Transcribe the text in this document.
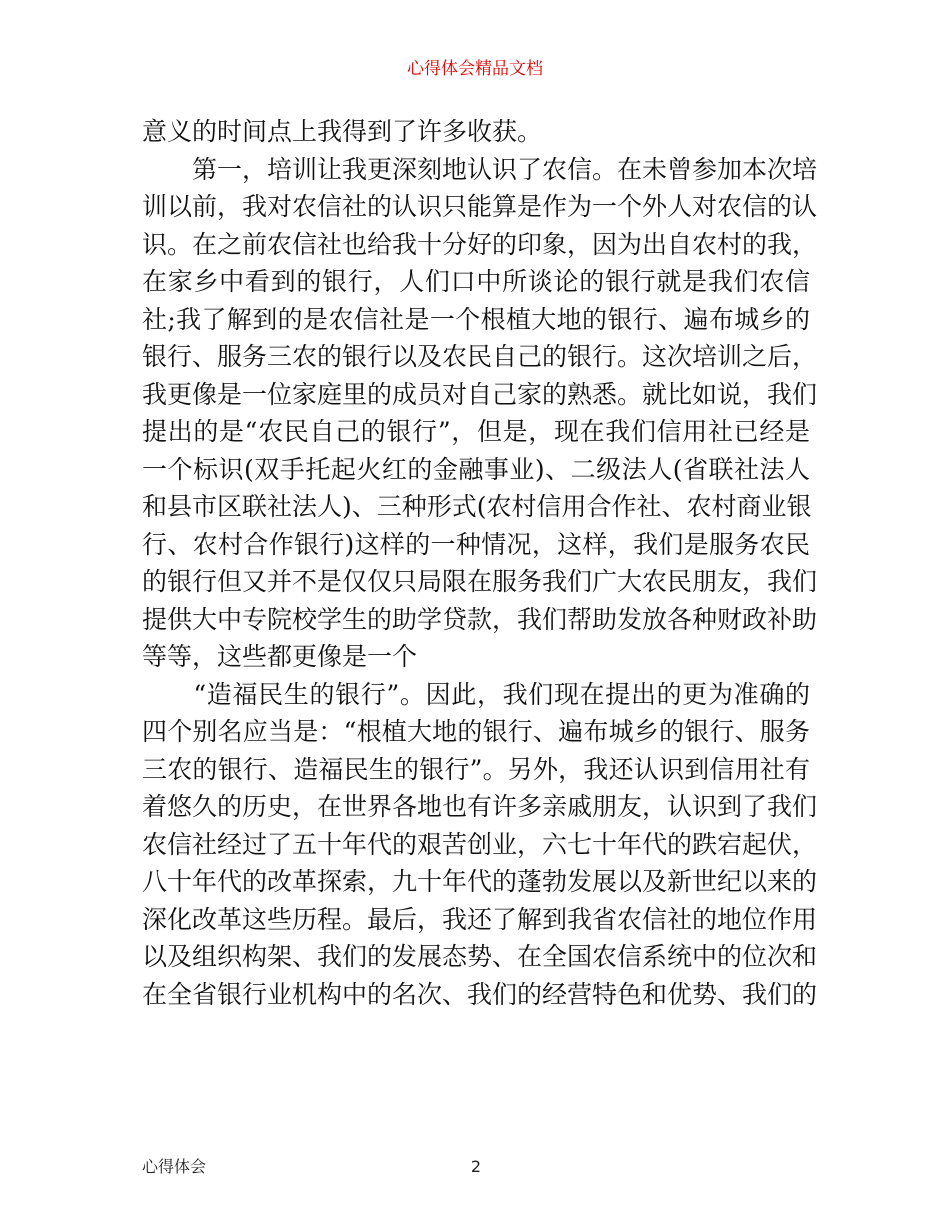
心得体会精品文档
意义的时间点上我得到了许多收获。
　　第一，培训让我更深刻地认识了农信。在未曾参加本次培
训以前，我对农信社的认识只能算是作为一个外人对农信的认
识。在之前农信社也给我十分好的印象，因为出自农村的我，
在家乡中看到的银行，人们口中所谈论的银行就是我们农信
社;我了解到的是农信社是一个根植大地的银行、遍布城乡的
银行、服务三农的银行以及农民自己的银行。这次培训之后，
我更像是一位家庭里的成员对自己家的熟悉。就比如说，我们
提出的是“农民自己的银行”，但是，现在我们信用社已经是
一个标识(双手托起火红的金融事业)、二级法人(省联社法人
和县市区联社法人)、三种形式(农村信用合作社、农村商业银
行、农村合作银行)这样的一种情况，这样，我们是服务农民
的银行但又并不是仅仅只局限在服务我们广大农民朋友，我们
提供大中专院校学生的助学贷款，我们帮助发放各种财政补助
等等，这些都更像是一个
　　“造福民生的银行”。因此，我们现在提出的更为准确的
四个别名应当是：“根植大地的银行、遍布城乡的银行、服务
三农的银行、造福民生的银行”。另外，我还认识到信用社有
着悠久的历史，在世界各地也有许多亲戚朋友，认识到了我们
农信社经过了五十年代的艰苦创业，六七十年代的跌宕起伏，
八十年代的改革探索，九十年代的蓬勃发展以及新世纪以来的
深化改革这些历程。最后，我还了解到我省农信社的地位作用
以及组织构架、我们的发展态势、在全国农信系统中的位次和
在全省银行业机构中的名次、我们的经营特色和优势、我们的
心得体会	2
